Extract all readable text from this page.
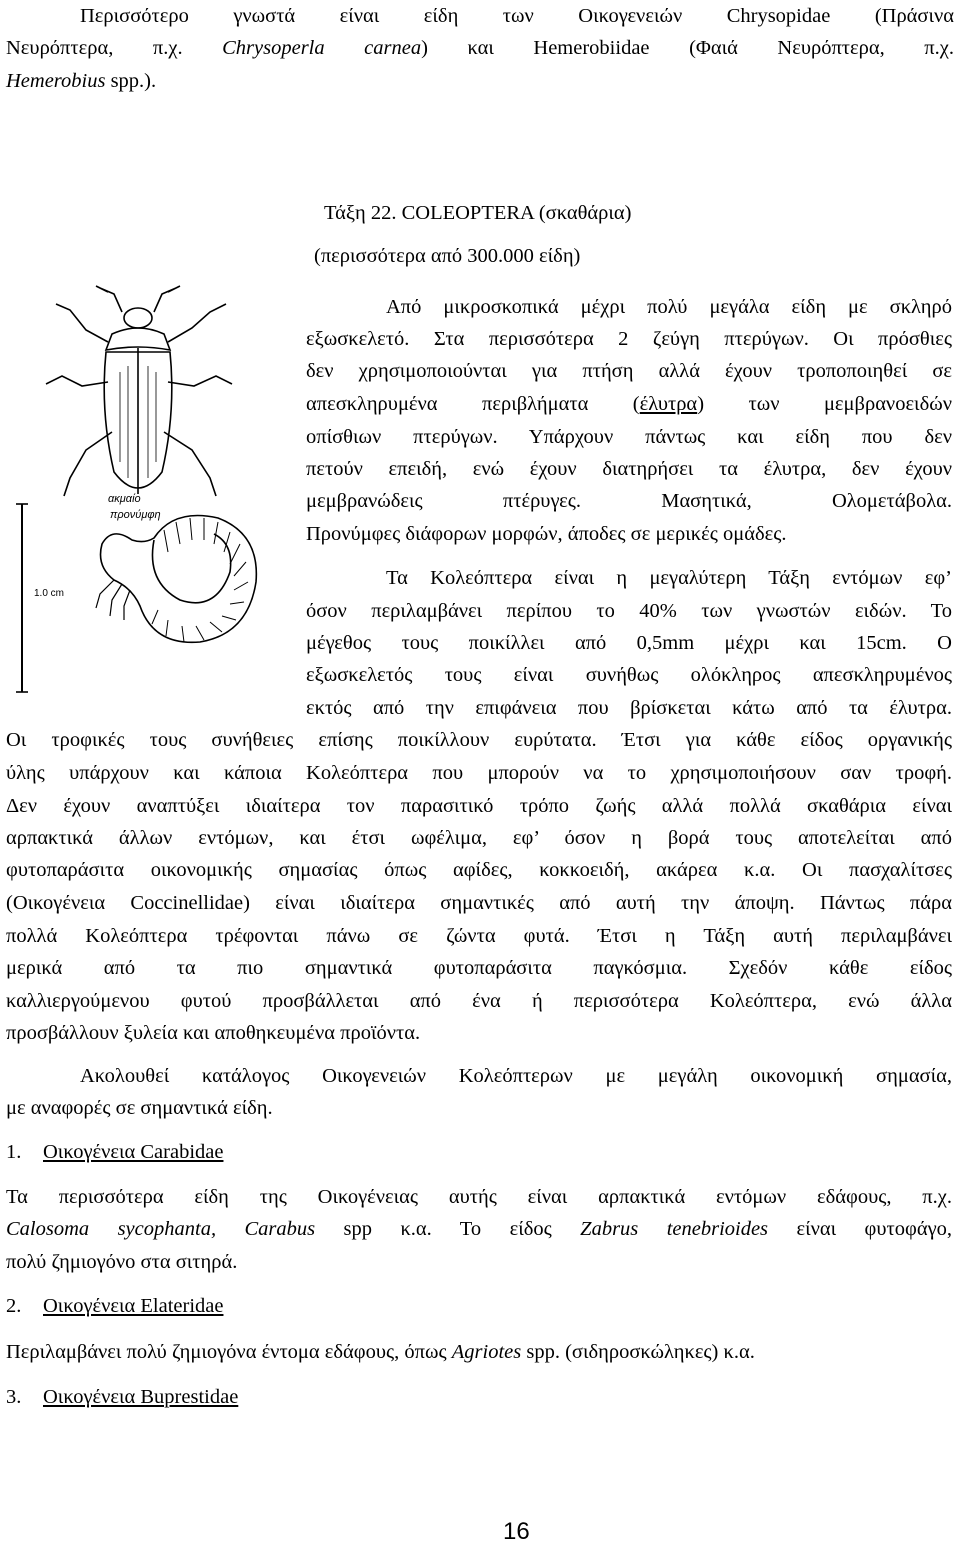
Περισσότερο γνωστά είναι είδη των Οικογενειών Chrysopidae (Πράσινα
Νευρόπτερα, π.χ. Chrysoperla carnea) και Hemerobiidae (Φαιά Νευρόπτερα, π.χ.
Hemerobius spp.).
Τάξη 22. COLEOPTERA (σκαθάρια)
(περισσότερα από 300.000 είδη)
ακμαίο
προνύμφη
1.0 cm
Από μικροσκοπικά μέχρι πολύ μεγάλα είδη με σκληρό
εξωσκελετό. Στα περισσότερα 2 ζεύγη πτερύγων. Οι πρόσθιες
δεν χρησιμοποιούνται για πτήση αλλά έχουν τροποποιηθεί σε
απεσκληρυμένα περιβλήματα (έλυτρα) των μεμβρανοειδών
οπίσθιων πτερύγων. Υπάρχουν πάντως και είδη που δεν
πετούν επειδή, ενώ έχουν διατηρήσει τα έλυτρα, δεν έχουν
μεμβρανώδεις πτέρυγες. Μασητικά, Ολομετάβολα.
Προνύμφες διάφορων μορφών, άποδες σε μερικές ομάδες.
Τα Κολεόπτερα είναι η μεγαλύτερη Τάξη εντόμων εφ’
όσον περιλαμβάνει περίπου το 40% των γνωστών ειδών. Το
μέγεθος τους ποικίλλει από 0,5mm μέχρι και 15cm. Ο
εξωσκελετός τους είναι συνήθως ολόκληρος απεσκληρυμένος
εκτός από την επιφάνεια που βρίσκεται κάτω από τα έλυτρα.
Οι τροφικές τους συνήθειες επίσης ποικίλλουν ευρύτατα. Έτσι για κάθε είδος οργανικής
ύλης υπάρχουν και κάποια Κολεόπτερα που μπορούν να το χρησιμοποιήσουν σαν τροφή.
Δεν έχουν αναπτύξει ιδιαίτερα τον παρασιτικό τρόπο ζωής αλλά πολλά σκαθάρια είναι
αρπακτικά άλλων εντόμων, και έτσι ωφέλιμα, εφ’ όσον η βορά τους αποτελείται από
φυτοπαράσιτα οικονομικής σημασίας όπως αφίδες, κοκκοειδή, ακάρεα κ.α. Οι πασχαλίτσες
(Οικογένεια Coccinellidae) είναι ιδιαίτερα σημαντικές από αυτή την άποψη. Πάντως πάρα
πολλά Κολεόπτερα τρέφονται πάνω σε ζώντα φυτά. Έτσι η Τάξη αυτή περιλαμβάνει
μερικά από τα πιο σημαντικά φυτοπαράσιτα παγκόσμια. Σχεδόν κάθε είδος
καλλιεργούμενου φυτού προσβάλλεται από ένα ή περισσότερα Κολεόπτερα, ενώ άλλα
προσβάλλουν ξυλεία και αποθηκευμένα προϊόντα.
Ακολουθεί κατάλογος Οικογενειών Κολεόπτερων με μεγάλη οικονομική σημασία,
με αναφορές σε σημαντικά είδη.
1. Οικογένεια Carabidae
Τα περισσότερα είδη της Οικογένειας αυτής είναι αρπακτικά εντόμων εδάφους, π.χ.
Calosoma sycophanta, Carabus spp κ.α. Το είδος Zabrus tenebrioides είναι φυτοφάγο,
πολύ ζημιογόνο στα σιτηρά.
2. Οικογένεια Elateridae
Περιλαμβάνει πολύ ζημιογόνα έντομα εδάφους, όπως Agriotes spp. (σιδηροσκώληκες) κ.α.
3. Οικογένεια Buprestidae
16
